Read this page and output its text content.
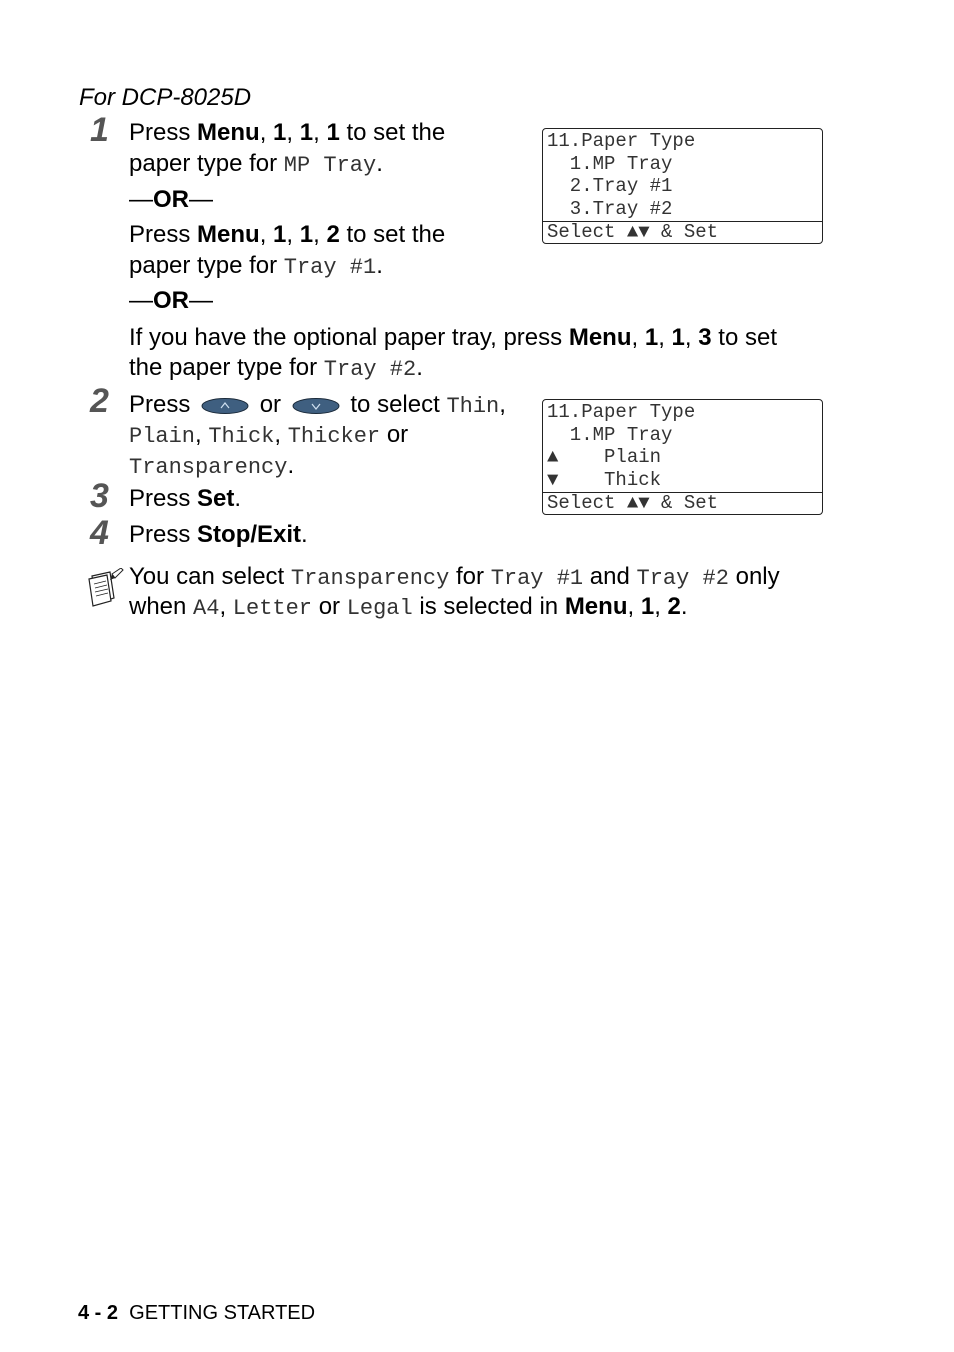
For DCP-8025D
1
2
3
4
Press Menu, 1, 1, 1 to set the
paper type for MP Tray.
—OR—
Press Menu, 1, 1, 2 to set the
paper type for Tray #1.
—OR—
If you have the optional paper tray, press Menu, 1, 1, 3 to set
the paper type for Tray #2.
11.Paper Type
1.MP Tray
2.Tray #1
3.Tray #2
Select ▲▼ & Set
Press	or	to select Thin,
Plain, Thick, Thicker or
Transparency.
11.Paper Type
1.MP Tray
▲    Plain
▼    Thick
Select ▲▼ & Set
Press Set.
Press Stop/Exit.
You can select Transparency for Tray #1 and Tray #2 only
when A4, Letter or Legal is selected in Menu, 1, 2.
4 - 2 GETTING STARTED
